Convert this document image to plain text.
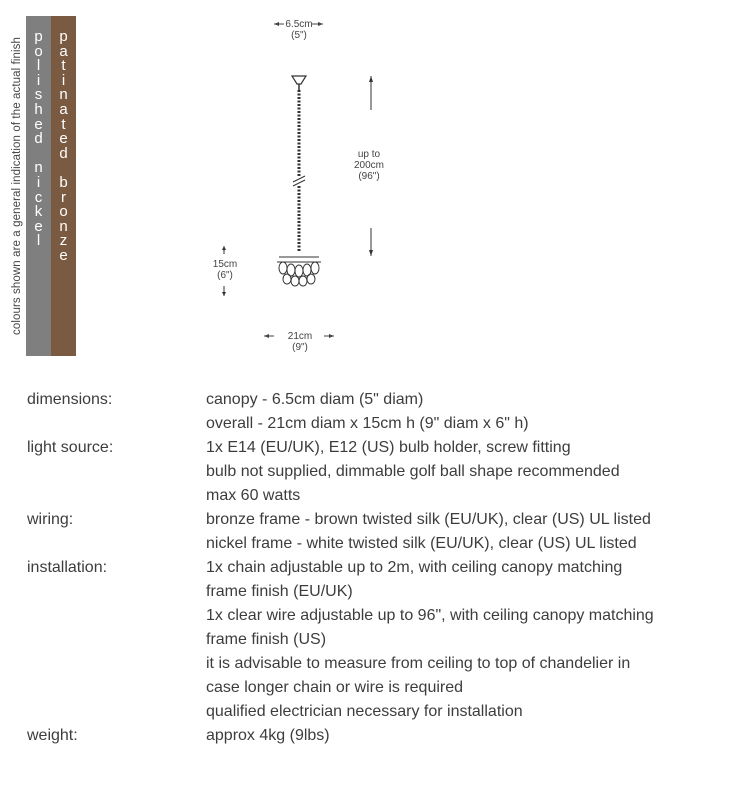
colours shown are a general indication of the actual finish
p
o
l
i
s
h
e
d

n
i
c
k
e
l
p
a
t
i
n
a
t
e
d

b
r
o
n
z
e
6.5cm
(5")
up to
200cm
(96")
15cm
(6")
21cm
(9")
dimensions:	canopy - 6.5cm diam (5" diam)
overall - 21cm diam x 15cm h (9" diam x 6" h)
light source:	1x E14 (EU/UK), E12 (US) bulb holder, screw fitting
bulb not supplied, dimmable golf ball shape recommended
max 60 watts
wiring:	bronze frame - brown twisted silk (EU/UK), clear (US) UL listed
nickel frame - white twisted silk (EU/UK), clear (US) UL listed
installation:	1x chain adjustable up to 2m, with ceiling canopy matching
frame finish (EU/UK)
1x clear wire adjustable up to 96", with ceiling canopy matching
frame finish (US)
it is advisable to measure from ceiling to top of chandelier in
case longer chain or wire is required
qualified electrician necessary for installation
weight:	approx 4kg (9lbs)
